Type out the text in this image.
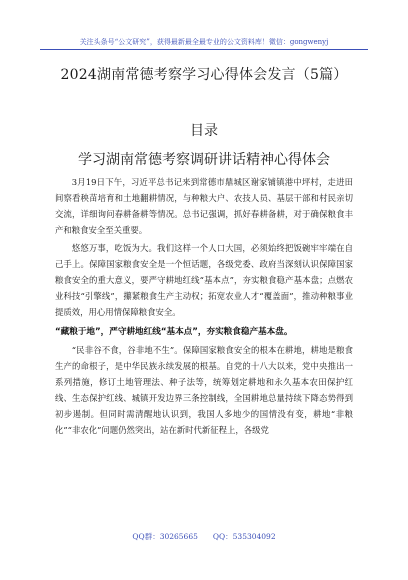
关注头条号“公文研究”，获得最新最全最专业的公文资料库！微信：gongwenyj
2024湖南常德考察学习心得体会发言（5篇）
目录
学习湖南常德考察调研讲话精神心得体会

3月19日下午，习近平总书记来到常德市鼎城区谢家铺镇港中坪村，走进田间察看秧苗培育和土地翻耕情况，与种粮大户、农技人员、基层干部和村民亲切交流，详细询问春耕备耕等情况。总书记强调，抓好春耕备耕，对于确保粮食丰产和粮食安全至关重要。

悠悠万事，吃饭为大。我们这样一个人口大国，必须始终把饭碗牢牢端在自己手上。保障国家粮食安全是一个恒话题，各级党委、政府当深刻认识保障国家粮食安全的重大意义，要严守耕地红线“基本点”，夯实粮食稳产基本盘；点燃农业科技“引擎线”，攥紧粮食生产主动权；拓宽农业人才“覆盖面”，推动种粮事业提质效，用心用情保障粮食安全。

“藏粮于地”，严守耕地红线“基本点”，夯实粮食稳产基本盘。

“民非谷不食，谷非地不生”。保障国家粮食安全的根本在耕地，耕地是粮食生产的命根子，是中华民族永续发展的根基。自党的十八大以来，党中央推出一系列措施，修订土地管理法、种子法等，统筹划定耕地和永久基本农田保护红线、生态保护红线、城镇开发边界三条控制线，全国耕地总量持续下降态势得到初步遏制。但同时需清醒地认识到，我国人多地少的国情没有变，耕地“非粮化”“非农化”问题仍然突出，站在新时代新征程上，各级党

QQ群：30265665　　QQ：535304092
